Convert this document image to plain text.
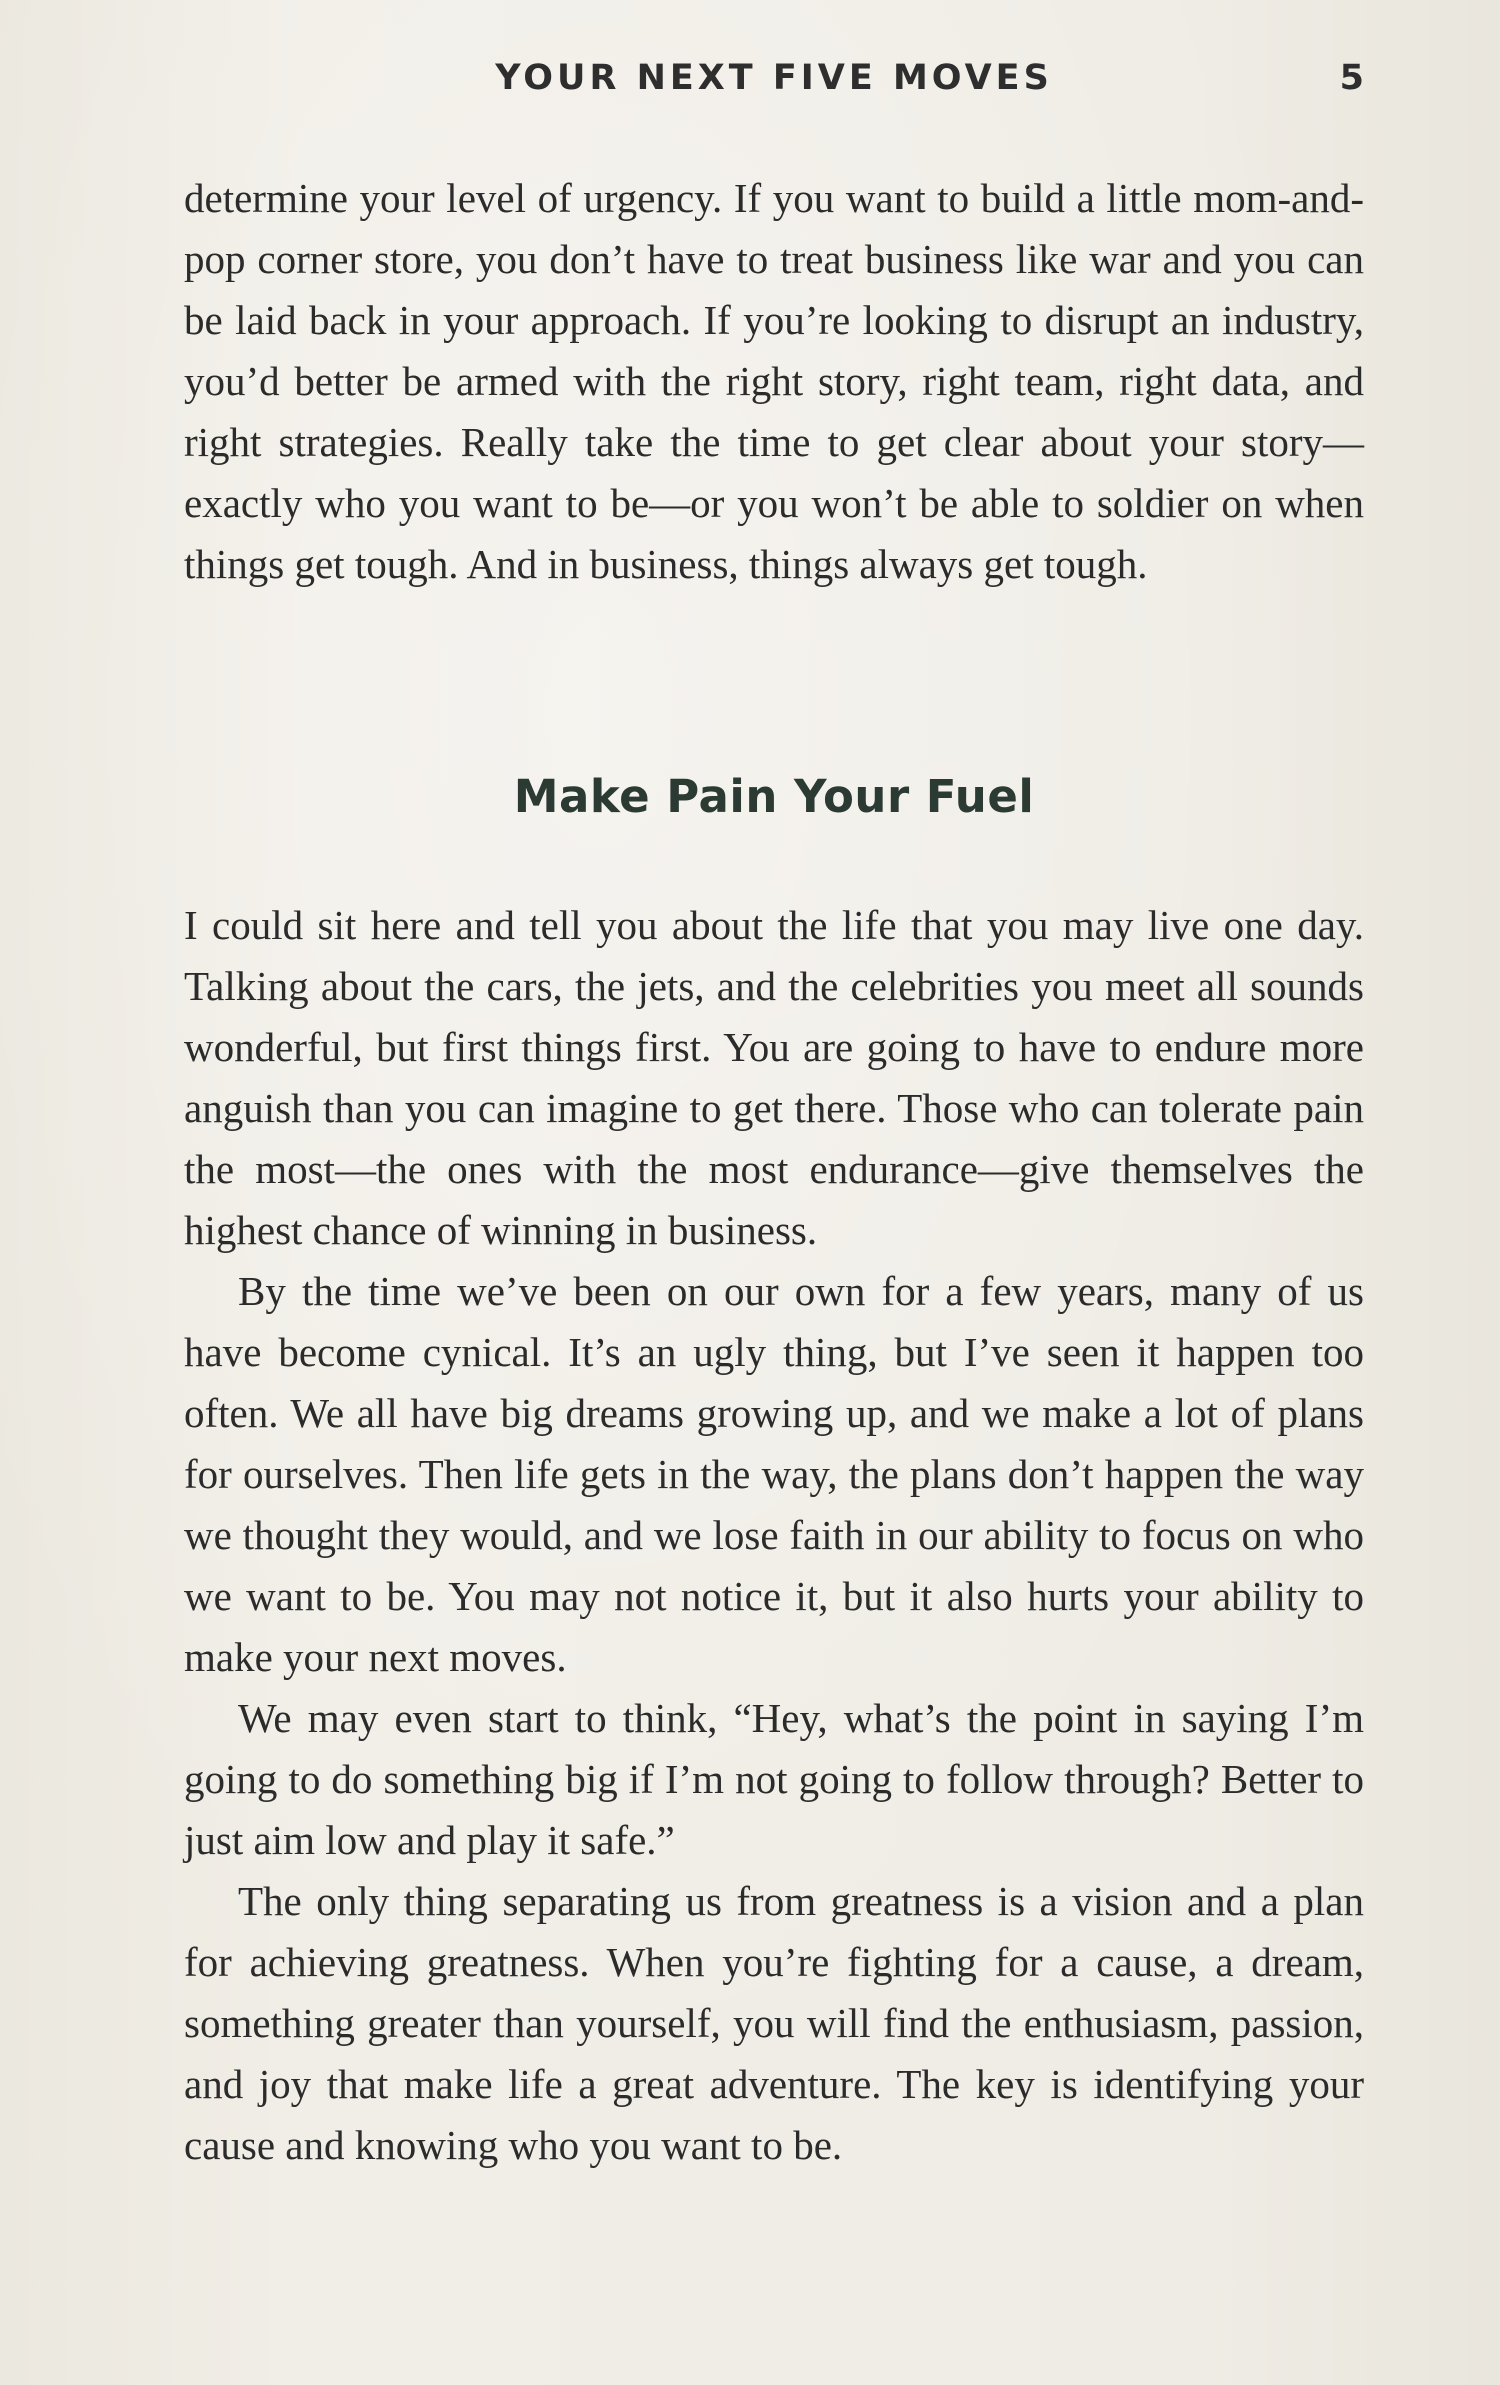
YOUR NEXT FIVE MOVES	5

determine your level of urgency. If you want to build a little mom-and-pop corner store, you don’t have to treat business like war and you can be laid back in your approach. If you’re looking to disrupt an industry, you’d better be armed with the right story, right team, right data, and right strategies. Really take the time to get clear about your story—exactly who you want to be—or you won’t be able to soldier on when things get tough. And in business, things always get tough.

Make Pain Your Fuel

I could sit here and tell you about the life that you may live one day. Talking about the cars, the jets, and the celebrities you meet all sounds wonderful, but first things first. You are going to have to endure more anguish than you can imagine to get there. Those who can tolerate pain the most—the ones with the most endurance—give themselves the highest chance of winning in business.

By the time we’ve been on our own for a few years, many of us have become cynical. It’s an ugly thing, but I’ve seen it happen too often. We all have big dreams growing up, and we make a lot of plans for ourselves. Then life gets in the way, the plans don’t happen the way we thought they would, and we lose faith in our ability to focus on who we want to be. You may not notice it, but it also hurts your ability to make your next moves.

We may even start to think, “Hey, what’s the point in saying I’m going to do something big if I’m not going to follow through? Better to just aim low and play it safe.”

The only thing separating us from greatness is a vision and a plan for achieving greatness. When you’re fighting for a cause, a dream, something greater than yourself, you will find the enthusiasm, passion, and joy that make life a great adventure. The key is identifying your cause and knowing who you want to be.
